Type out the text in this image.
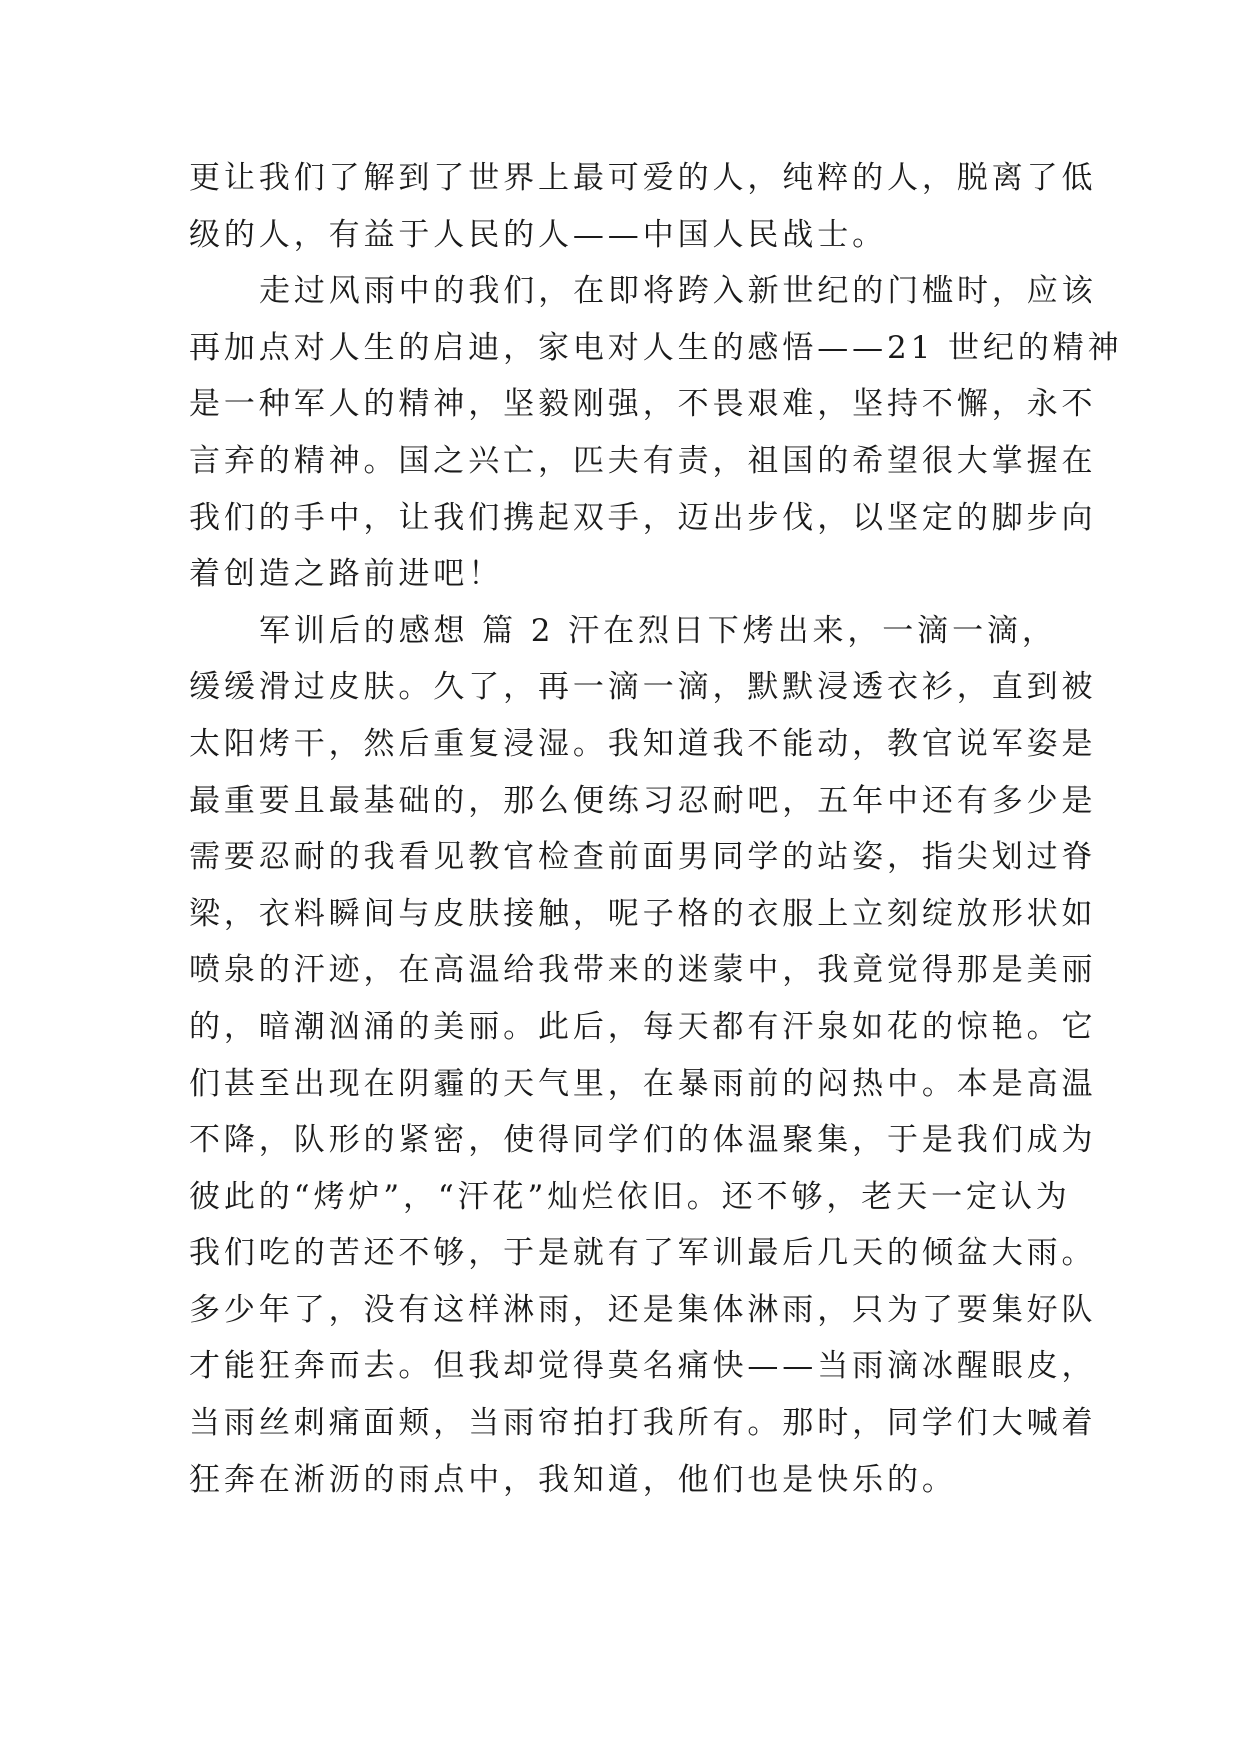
更让我们了解到了世界上最可爱的人，纯粹的人，脱离了低
级的人，有益于人民的人——中国人民战士。
走过风雨中的我们，在即将跨入新世纪的门槛时，应该
再加点对人生的启迪，家电对人生的感悟——21 世纪的精神
是一种军人的精神，坚毅刚强，不畏艰难，坚持不懈，永不
言弃的精神。国之兴亡，匹夫有责，祖国的希望很大掌握在
我们的手中，让我们携起双手，迈出步伐，以坚定的脚步向
着创造之路前进吧！
军训后的感想 篇 2 汗在烈日下烤出来，一滴一滴，
缓缓滑过皮肤。久了，再一滴一滴，默默浸透衣衫，直到被
太阳烤干，然后重复浸湿。我知道我不能动，教官说军姿是
最重要且最基础的，那么便练习忍耐吧，五年中还有多少是
需要忍耐的我看见教官检查前面男同学的站姿，指尖划过脊
梁，衣料瞬间与皮肤接触，呢子格的衣服上立刻绽放形状如
喷泉的汗迹，在高温给我带来的迷蒙中，我竟觉得那是美丽
的，暗潮汹涌的美丽。此后，每天都有汗泉如花的惊艳。它
们甚至出现在阴霾的天气里，在暴雨前的闷热中。本是高温
不降，队形的紧密，使得同学们的体温聚集，于是我们成为
彼此的“烤炉”，“汗花”灿烂依旧。还不够，老天一定认为
我们吃的苦还不够，于是就有了军训最后几天的倾盆大雨。
多少年了，没有这样淋雨，还是集体淋雨，只为了要集好队
才能狂奔而去。但我却觉得莫名痛快——当雨滴冰醒眼皮，
当雨丝刺痛面颊，当雨帘拍打我所有。那时，同学们大喊着
狂奔在淅沥的雨点中，我知道，他们也是快乐的。
